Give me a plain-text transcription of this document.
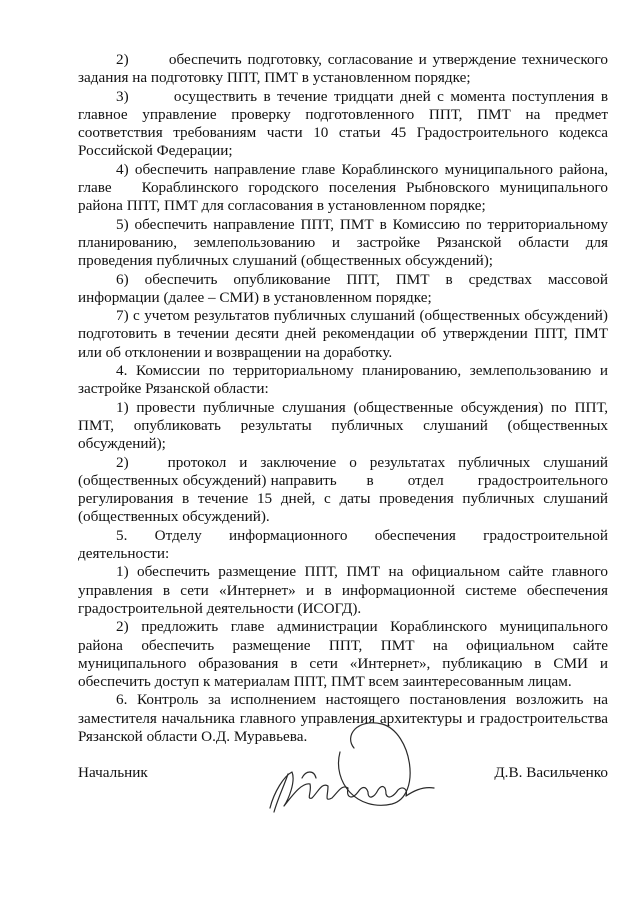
2)       обеспечить подготовку, согласование и утверждение технического задания на подготовку ППТ, ПМТ в установленном порядке;

3)       осуществить в течение тридцати дней с момента поступления в главное управление проверку подготовленного ППТ, ПМТ на предмет соответствия требованиям части 10 статьи 45 Градостроительного кодекса Российской Федерации;

4) обеспечить направление главе Кораблинского муниципального района, главе   Кораблинского городского поселения Рыбновского муниципального района ППТ, ПМТ для согласования в установленном порядке;

5) обеспечить направление ППТ, ПМТ в Комиссию по территориальному планированию, землепользованию и застройке Рязанской области для проведения публичных слушаний (общественных обсуждений);

6) обеспечить опубликование ППТ, ПМТ в средствах массовой информации (далее – СМИ) в установленном порядке;

7) с учетом результатов публичных слушаний (общественных обсуждений) подготовить в течении десяти дней рекомендации об утверждении ППТ, ПМТ или об отклонении и возвращении на доработку.

4. Комиссии по территориальному планированию, землепользованию и застройке Рязанской области:

1) провести публичные слушания (общественные обсуждения) по ППТ, ПМТ, опубликовать результаты публичных слушаний (общественных обсуждений);

2)   протокол и заключение о результатах публичных слушаний (общественных обсуждений) направить       в        отдел        градостроительного регулирования в течение 15 дней, с даты проведения публичных слушаний (общественных обсуждений).

5. Отделу информационного обеспечения градостроительной деятельности:

1) обеспечить размещение ППТ, ПМТ на официальном сайте главного управления в сети «Интернет» и в информационной системе обеспечения градостроительной деятельности (ИСОГД).

2) предложить главе администрации Кораблинского муниципального района обеспечить размещение ППТ, ПМТ на официальном сайте муниципального образования в сети «Интернет», публикацию в СМИ и обеспечить доступ к материалам ППТ, ПМТ всем заинтересованным лицам.

6. Контроль за исполнением настоящего постановления возложить на заместителя начальника главного управления архитектуры и градостроительства Рязанской области О.Д. Муравьева.

Начальник	Д.В. Васильченко
